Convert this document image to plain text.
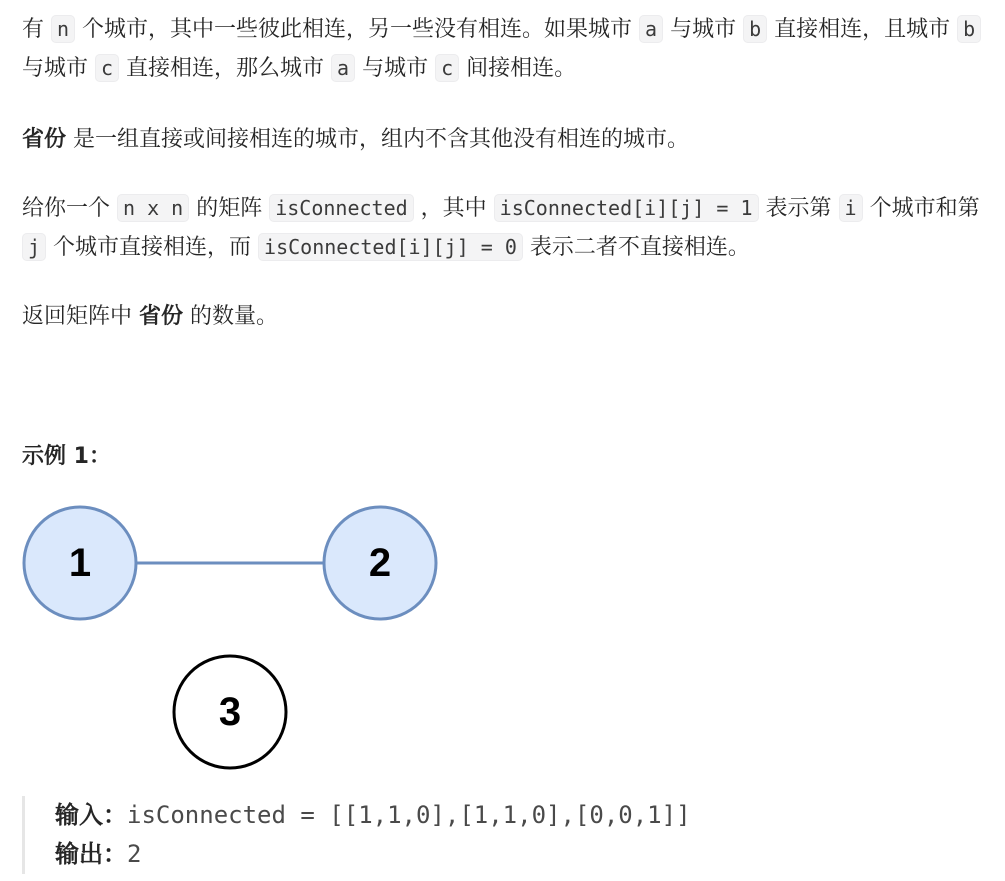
有 n 个城市，其中一些彼此相连，另一些没有相连。如果城市 a 与城市 b 直接相连，且城市 b 与城市 c 直接相连，那么城市 a 与城市 c 间接相连。

省份 是一组直接或间接相连的城市，组内不含其他没有相连的城市。

给你一个 n x n 的矩阵 isConnected ，其中 isConnected[i][j] = 1 表示第 i 个城市和第 j 个城市直接相连，而 isConnected[i][j] = 0 表示二者不直接相连。

返回矩阵中 省份 的数量。

示例 1：
1	2
3
输入：isConnected = [[1,1,0],[1,1,0],[0,0,1]]
输出：2
